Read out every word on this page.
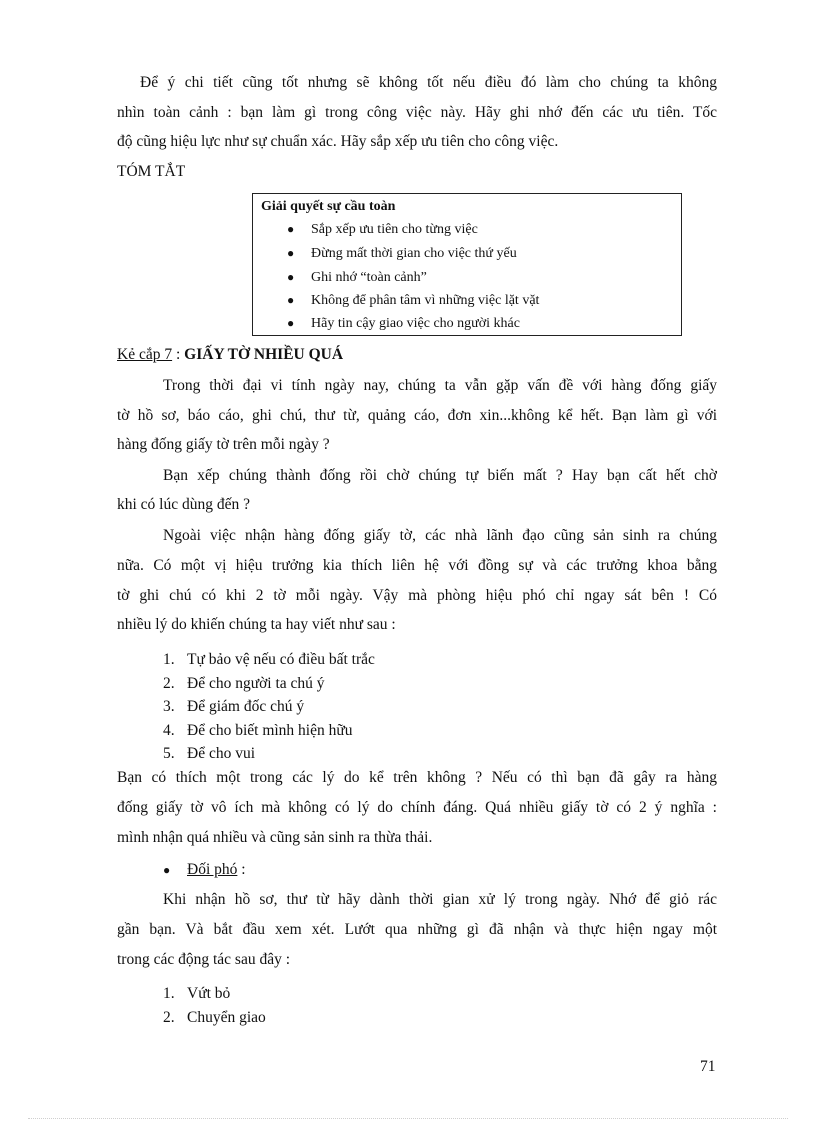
Để ý chi tiết cũng tốt nhưng sẽ không tốt nếu điều đó làm cho chúng ta không
nhìn toàn cảnh : bạn làm gì trong công việc này. Hãy ghi nhớ đến các ưu tiên. Tốc
độ cũng hiệu lực như sự chuẩn xác. Hãy sắp xếp ưu tiên cho công việc.
TÓM TẮT
Giải quyết sự cầu toàn
● Sắp xếp ưu tiên cho từng việc
● Đừng mất thời gian cho việc thứ yếu
● Ghi nhớ “toàn cảnh”
● Không để phân tâm vì những việc lặt vặt
● Hãy tin cậy giao việc cho người khác
Kẻ cắp 7 : GIẤY TỜ NHIỀU QUÁ
Trong thời đại vi tính ngày nay, chúng ta vẫn gặp vấn đề với hàng đống giấy
tờ hồ sơ, báo cáo, ghi chú, thư từ, quảng cáo, đơn xin...không kể hết. Bạn làm gì với
hàng đống giấy tờ trên mỗi ngày ?
Bạn xếp chúng thành đống rồi chờ chúng tự biến mất ? Hay bạn cất hết chờ
khi có lúc dùng đến ?
Ngoài việc nhận hàng đống giấy tờ, các nhà lãnh đạo cũng sản sinh ra chúng
nữa. Có một vị hiệu trưởng kia thích liên hệ với đồng sự và các trưởng khoa bằng
tờ ghi chú có khi 2 tờ mỗi ngày. Vậy mà phòng hiệu phó chỉ ngay sát bên ! Có
nhiều lý do khiến chúng ta hay viết như sau :
1. Tự bảo vệ nếu có điều bất trắc
2. Để cho người ta chú ý
3. Để giám đốc chú ý
4. Để cho biết mình hiện hữu
5. Để cho vui
Bạn có thích một trong các lý do kể trên không ? Nếu có thì bạn đã gây ra hàng
đống giấy tờ vô ích mà không có lý do chính đáng. Quá nhiều giấy tờ có 2 ý nghĩa :
mình nhận quá nhiều và cũng sản sinh ra thừa thải.
● Đối phó :
Khi nhận hồ sơ, thư từ hãy dành thời gian xử lý trong ngày. Nhớ để giỏ rác
gần bạn. Và bắt đầu xem xét. Lướt qua những gì đã nhận và thực hiện ngay một
trong các động tác sau đây :
1. Vứt bỏ
2. Chuyển giao
71
